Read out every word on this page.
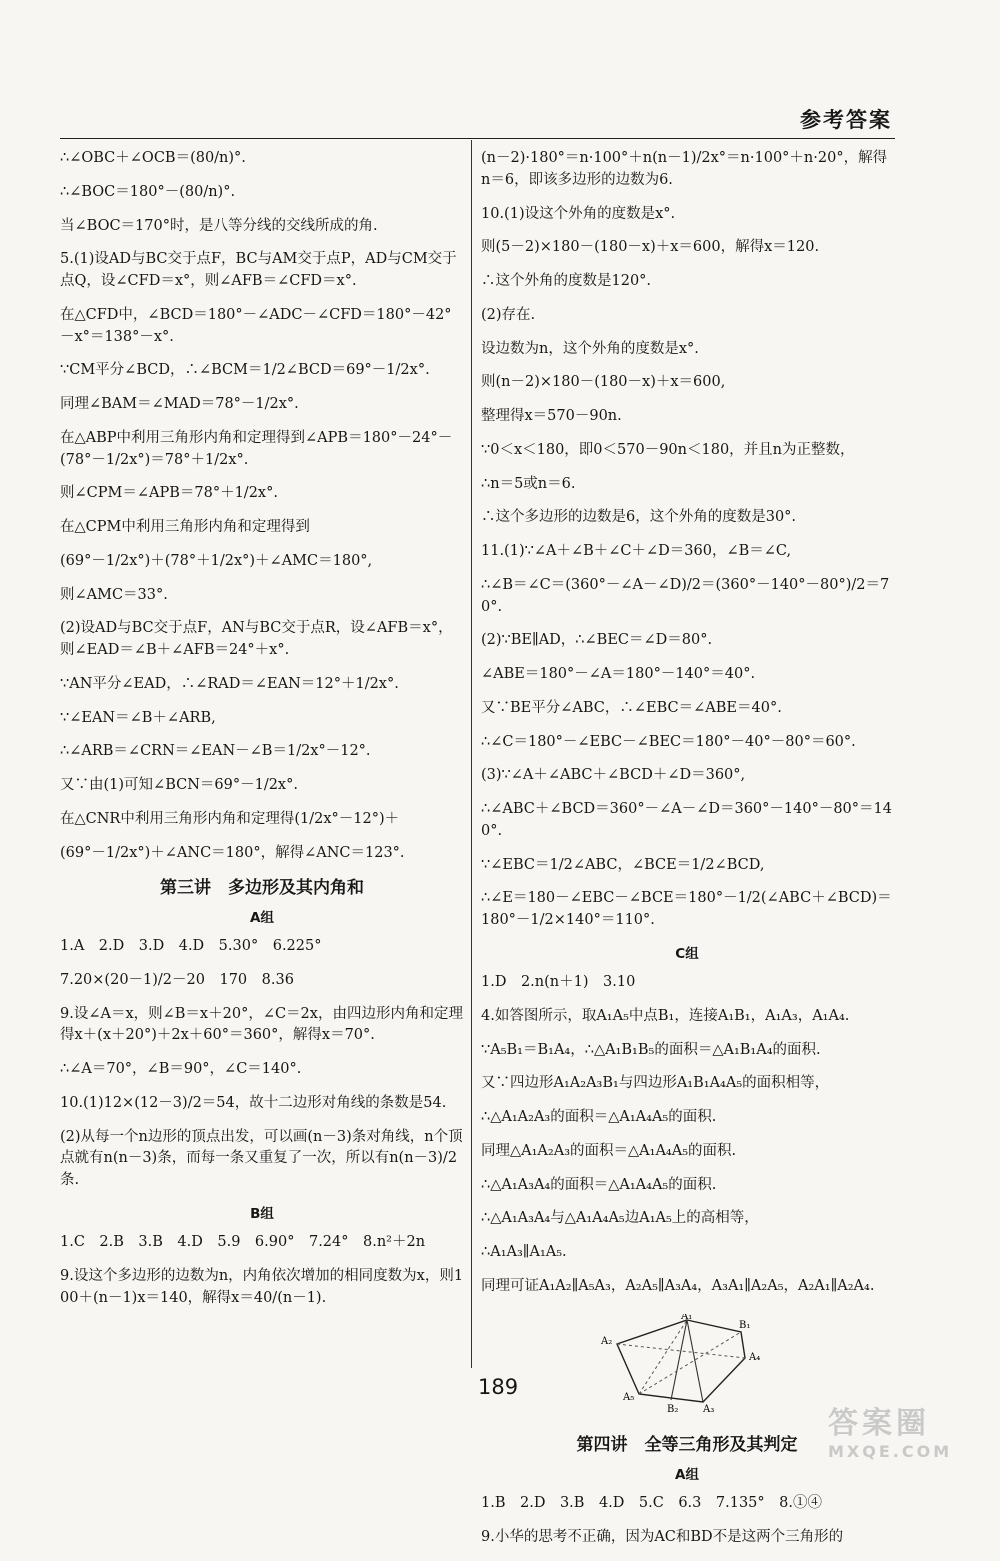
参考答案
∴∠OBC＋∠OCB＝(80/n)°.
∴∠BOC＝180°－(80/n)°.
当∠BOC＝170°时，是八等分线的交线所成的角.
5.(1)设AD与BC交于点F，BC与AM交于点P，AD与CM交于点Q，设∠CFD＝x°，则∠AFB＝∠CFD＝x°.
在△CFD中，∠BCD＝180°－∠ADC－∠CFD＝180°－42°－x°＝138°－x°.
∵CM平分∠BCD，∴∠BCM＝1/2∠BCD＝69°－1/2x°.
同理∠BAM＝∠MAD＝78°－1/2x°.
在△ABP中利用三角形内角和定理得到∠APB＝180°－24°－(78°－1/2x°)＝78°＋1/2x°.
则∠CPM＝∠APB＝78°＋1/2x°.
在△CPM中利用三角形内角和定理得到
(69°－1/2x°)＋(78°＋1/2x°)＋∠AMC＝180°,
则∠AMC＝33°.
(2)设AD与BC交于点F，AN与BC交于点R，设∠AFB＝x°，则∠EAD＝∠B＋∠AFB＝24°＋x°.
∵AN平分∠EAD，∴∠RAD＝∠EAN＝12°＋1/2x°.
∵∠EAN＝∠B＋∠ARB,
∴∠ARB＝∠CRN＝∠EAN－∠B＝1/2x°－12°.
又∵由(1)可知∠BCN＝69°－1/2x°.
在△CNR中利用三角形内角和定理得(1/2x°－12°)＋
(69°－1/2x°)＋∠ANC＝180°，解得∠ANC＝123°.
第三讲　多边形及其内角和
A组
1.A　2.D　3.D　4.D　5.30°　6.225°
7.20×(20－1)/2－20　170　8.36
9.设∠A＝x，则∠B＝x＋20°，∠C＝2x，由四边形内角和定理得x＋(x＋20°)＋2x＋60°＝360°，解得x＝70°.
∴∠A＝70°，∠B＝90°，∠C＝140°.
10.(1)12×(12－3)/2＝54，故十二边形对角线的条数是54.
(2)从每一个n边形的顶点出发，可以画(n－3)条对角线，n个顶点就有n(n－3)条，而每一条又重复了一次，所以有n(n－3)/2条.
B组
1.C　2.B　3.B　4.D　5.9　6.90°　7.24°　8.n²＋2n
9.设这个多边形的边数为n，内角依次增加的相同度数为x，则100＋(n－1)x＝140，解得x＝40/(n－1).
(n－2)·180°＝n·100°＋n(n－1)/2x°＝n·100°＋n·20°，解得n＝6，即该多边形的边数为6.
10.(1)设这个外角的度数是x°.
则(5－2)×180－(180－x)＋x＝600，解得x＝120.
∴这个外角的度数是120°.
(2)存在.
设边数为n，这个外角的度数是x°.
则(n－2)×180－(180－x)＋x＝600,
整理得x＝570－90n.
∵0＜x＜180，即0＜570－90n＜180，并且n为正整数，
∴n＝5或n＝6.
∴这个多边形的边数是6，这个外角的度数是30°.
11.(1)∵∠A＋∠B＋∠C＋∠D＝360，∠B＝∠C,
∴∠B＝∠C＝(360°－∠A－∠D)/2＝(360°－140°－80°)/2＝70°.
(2)∵BE∥AD，∴∠BEC＝∠D＝80°.
∠ABE＝180°－∠A＝180°－140°＝40°.
又∵BE平分∠ABC，∴∠EBC＝∠ABE＝40°.
∴∠C＝180°－∠EBC－∠BEC＝180°－40°－80°＝60°.
(3)∵∠A＋∠ABC＋∠BCD＋∠D＝360°,
∴∠ABC＋∠BCD＝360°－∠A－∠D＝360°－140°－80°＝140°.
∵∠EBC＝1/2∠ABC，∠BCE＝1/2∠BCD,
∴∠E＝180－∠EBC－∠BCE＝180°－1/2(∠ABC＋∠BCD)＝180°－1/2×140°＝110°.
C组
1.D　2.n(n＋1)　3.10
4.如答图所示，取A₁A₅中点B₁，连接A₁B₁，A₁A₃，A₁A₄.
∵A₅B₁＝B₁A₄，∴△A₁B₁B₅的面积＝△A₁B₁A₄的面积.
又∵四边形A₁A₂A₃B₁与四边形A₁B₁A₄A₅的面积相等，
∴△A₁A₂A₃的面积＝△A₁A₄A₅的面积.
同理△A₁A₂A₃的面积＝△A₁A₄A₅的面积.
∴△A₁A₃A₄的面积＝△A₁A₄A₅的面积.
∴△A₁A₃A₄与△A₁A₄A₅边A₁A₅上的高相等，
∴A₁A₃∥A₁A₅.
同理可证A₁A₂∥A₅A₃，A₂A₅∥A₃A₄，A₃A₁∥A₂A₅，A₂A₁∥A₂A₄.
A₁
B₁
A₂
A₄
A₃
B₂
A₅
第四讲　全等三角形及其判定
A组
1.B　2.D　3.B　4.D　5.C　6.3　7.135°　8.①④
9.小华的思考不正确，因为AC和BD不是这两个三角形的
189
答案圈
MXQE.COM
